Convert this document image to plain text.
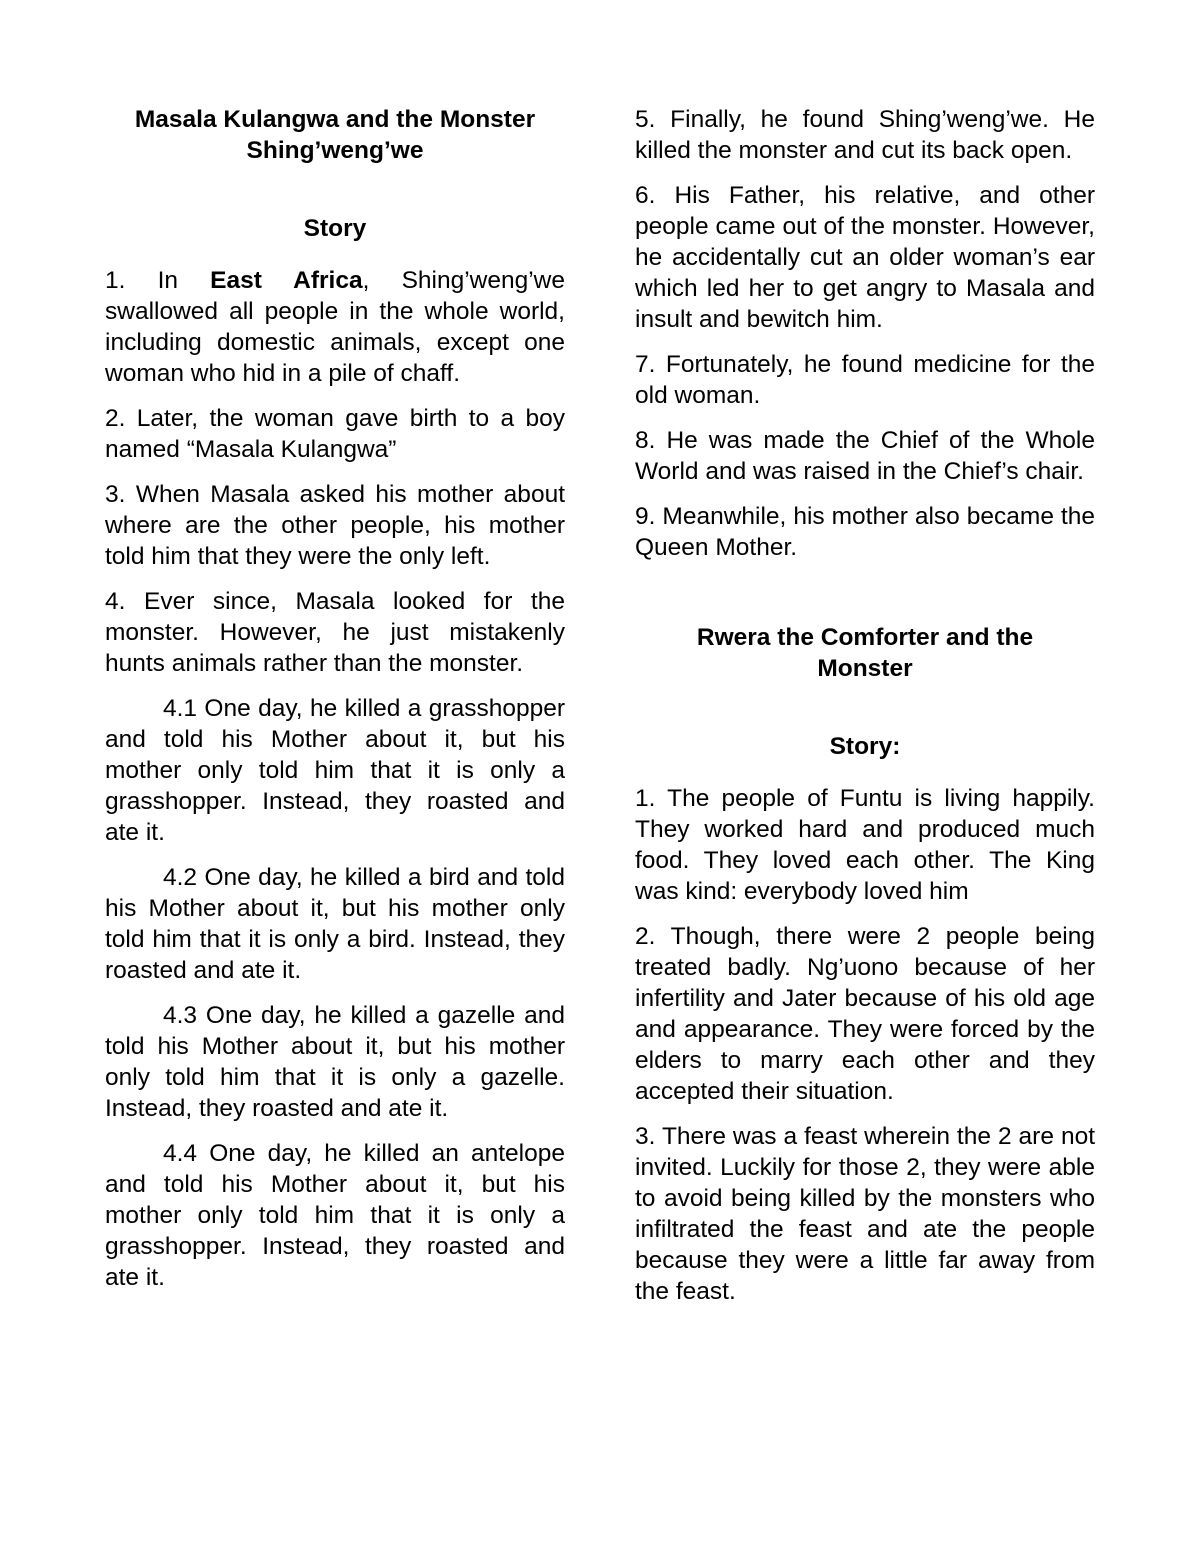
Masala Kulangwa and the Monster
Shing’weng’we

Story

1. In East Africa, Shing’weng’we swallowed all people in the whole world, including domestic animals, except one woman who hid in a pile of chaff.

2. Later, the woman gave birth to a boy named “Masala Kulangwa”

3. When Masala asked his mother about where are the other people, his mother told him that they were the only left.

4. Ever since, Masala looked for the monster. However, he just mistakenly hunts animals rather than the monster.

4.1 One day, he killed a grasshopper and told his Mother about it, but his mother only told him that it is only a grasshopper. Instead, they roasted and ate it.

4.2 One day, he killed a bird and told his Mother about it, but his mother only told him that it is only a bird. Instead, they roasted and ate it.

4.3 One day, he killed a gazelle and told his Mother about it, but his mother only told him that it is only a gazelle. Instead, they roasted and ate it.

4.4 One day, he killed an antelope and told his Mother about it, but his mother only told him that it is only a grasshopper. Instead, they roasted and ate it.

5. Finally, he found Shing’weng’we. He killed the monster and cut its back open.

6. His Father, his relative, and other people came out of the monster. However, he accidentally cut an older woman’s ear which led her to get angry to Masala and insult and bewitch him.

7. Fortunately, he found medicine for the old woman.

8. He was made the Chief of the Whole World and was raised in the Chief’s chair.

9. Meanwhile, his mother also became the Queen Mother.

Rwera the Comforter and the
Monster

Story:

1. The people of Funtu is living happily. They worked hard and produced much food. They loved each other. The King was kind: everybody loved him

2. Though, there were 2 people being treated badly. Ng’uono because of her infertility and Jater because of his old age and appearance. They were forced by the elders to marry each other and they accepted their situation.

3. There was a feast wherein the 2 are not invited. Luckily for those 2, they were able to avoid being killed by the monsters who infiltrated the feast and ate the people because they were a little far away from the feast.
